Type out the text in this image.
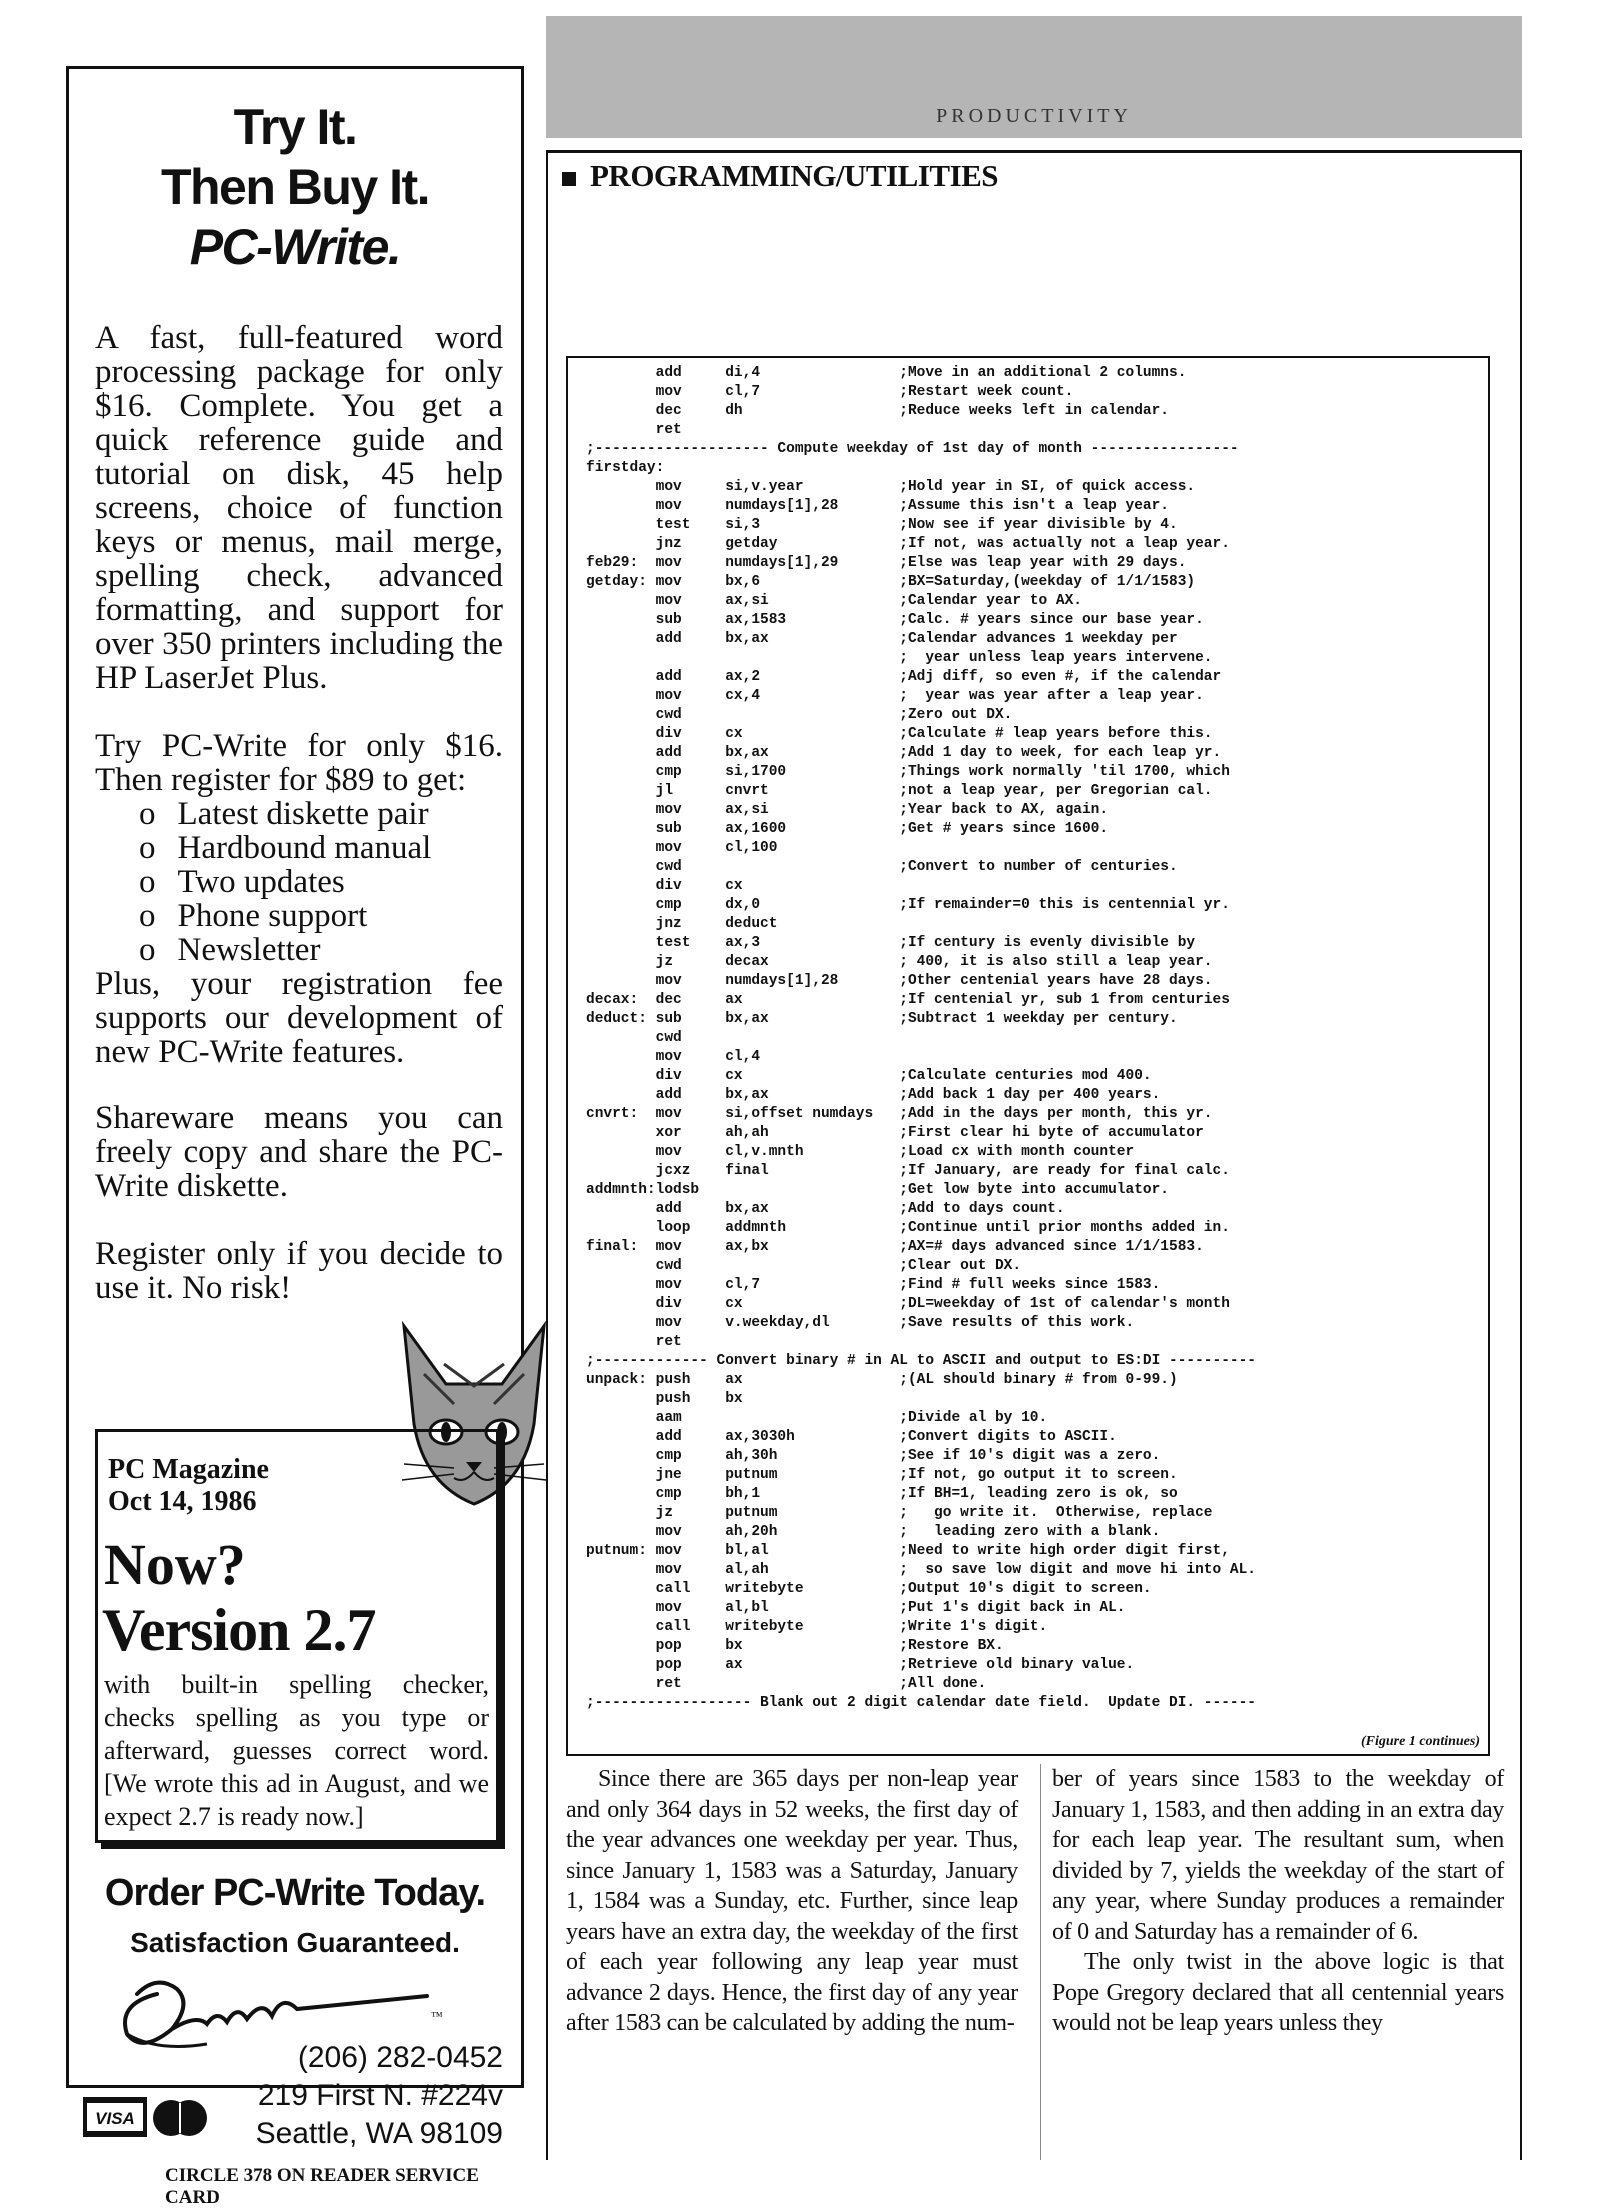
Try It.
Then Buy It.
PC-Write.
A fast, full-featured word processing package for only $16. Complete. You get a quick reference guide and tutorial on disk, 45 help screens, choice of function keys or menus, mail merge, spelling check, advanced formatting, and support for over 350 printers including the HP LaserJet Plus.
Try PC-Write for only $16. Then register for $89 to get:
o Latest diskette pair
o Hardbound manual
o Two updates
o Phone support
o Newsletter
Plus, your registration fee supports our development of new PC-Write features.
Shareware means you can freely copy and share the PC-Write diskette.
Register only if you decide to use it. No risk!
PC Magazine
Oct 14, 1986
Now?
Version 2.7
with built-in spelling checker, checks spelling as you type or afterward, guesses correct word. [We wrote this ad in August, and we expect 2.7 is ready now.]
Order PC-Write Today.
Satisfaction Guaranteed.
™
(206) 282-0452
219 First N. #224v
Seattle, WA 98109
VISA
CIRCLE 378 ON READER SERVICE CARD
PRODUCTIVITY
PROGRAMMING/UTILITIES
add     di,4                ;Move in an additional 2 columns.
mov     cl,7                ;Restart week count.
dec     dh                  ;Reduce weeks left in calendar.
ret
;-------------------- Compute weekday of 1st day of month -----------------
firstday:
mov     si,v.year           ;Hold year in SI, of quick access.
mov     numdays[1],28       ;Assume this isn't a leap year.
test    si,3                ;Now see if year divisible by 4.
jnz     getday              ;If not, was actually not a leap year.
feb29:  mov     numdays[1],29       ;Else was leap year with 29 days.
getday: mov     bx,6                ;BX=Saturday,(weekday of 1/1/1583)
mov     ax,si               ;Calendar year to AX.
sub     ax,1583             ;Calc. # years since our base year.
add     bx,ax               ;Calendar advances 1 weekday per
;  year unless leap years intervene.
add     ax,2                ;Adj diff, so even #, if the calendar
mov     cx,4                ;  year was year after a leap year.
cwd                         ;Zero out DX.
div     cx                  ;Calculate # leap years before this.
add     bx,ax               ;Add 1 day to week, for each leap yr.
cmp     si,1700             ;Things work normally 'til 1700, which
jl      cnvrt               ;not a leap year, per Gregorian cal.
mov     ax,si               ;Year back to AX, again.
sub     ax,1600             ;Get # years since 1600.
mov     cl,100
cwd                         ;Convert to number of centuries.
div     cx
cmp     dx,0                ;If remainder=0 this is centennial yr.
jnz     deduct
test    ax,3                ;If century is evenly divisible by
jz      decax               ; 400, it is also still a leap year.
mov     numdays[1],28       ;Other centenial years have 28 days.
decax:  dec     ax                  ;If centenial yr, sub 1 from centuries
deduct: sub     bx,ax               ;Subtract 1 weekday per century.
cwd
mov     cl,4
div     cx                  ;Calculate centuries mod 400.
add     bx,ax               ;Add back 1 day per 400 years.
cnvrt:  mov     si,offset numdays   ;Add in the days per month, this yr.
xor     ah,ah               ;First clear hi byte of accumulator
mov     cl,v.mnth           ;Load cx with month counter
jcxz    final               ;If January, are ready for final calc.
addmnth:lodsb                       ;Get low byte into accumulator.
add     bx,ax               ;Add to days count.
loop    addmnth             ;Continue until prior months added in.
final:  mov     ax,bx               ;AX=# days advanced since 1/1/1583.
cwd                         ;Clear out DX.
mov     cl,7                ;Find # full weeks since 1583.
div     cx                  ;DL=weekday of 1st of calendar's month
mov     v.weekday,dl        ;Save results of this work.
ret
;------------- Convert binary # in AL to ASCII and output to ES:DI ----------
unpack: push    ax                  ;(AL should binary # from 0-99.)
push    bx
aam                         ;Divide al by 10.
add     ax,3030h            ;Convert digits to ASCII.
cmp     ah,30h              ;See if 10's digit was a zero.
jne     putnum              ;If not, go output it to screen.
cmp     bh,1                ;If BH=1, leading zero is ok, so
jz      putnum              ;   go write it.  Otherwise, replace
mov     ah,20h              ;   leading zero with a blank.
putnum: mov     bl,al               ;Need to write high order digit first,
mov     al,ah               ;  so save low digit and move hi into AL.
call    writebyte           ;Output 10's digit to screen.
mov     al,bl               ;Put 1's digit back in AL.
call    writebyte           ;Write 1's digit.
pop     bx                  ;Restore BX.
pop     ax                  ;Retrieve old binary value.
ret                         ;All done.
;------------------ Blank out 2 digit calendar date field.  Update DI. ------
(Figure 1 continues)

Since there are 365 days per non-leap year and only 364 days in 52 weeks, the first day of the year advances one weekday per year. Thus, since January 1, 1583 was a Saturday, January 1, 1584 was a Sunday, etc. Further, since leap years have an extra day, the weekday of the first of each year following any leap year must advance 2 days. Hence, the first day of any year after 1583 can be calculated by adding the num-

ber of years since 1583 to the weekday of January 1, 1583, and then adding in an extra day for each leap year. The resultant sum, when divided by 7, yields the weekday of the start of any year, where Sunday produces a remainder of 0 and Saturday has a remainder of 6.

The only twist in the above logic is that Pope Gregory declared that all centennial years would not be leap years unless they
